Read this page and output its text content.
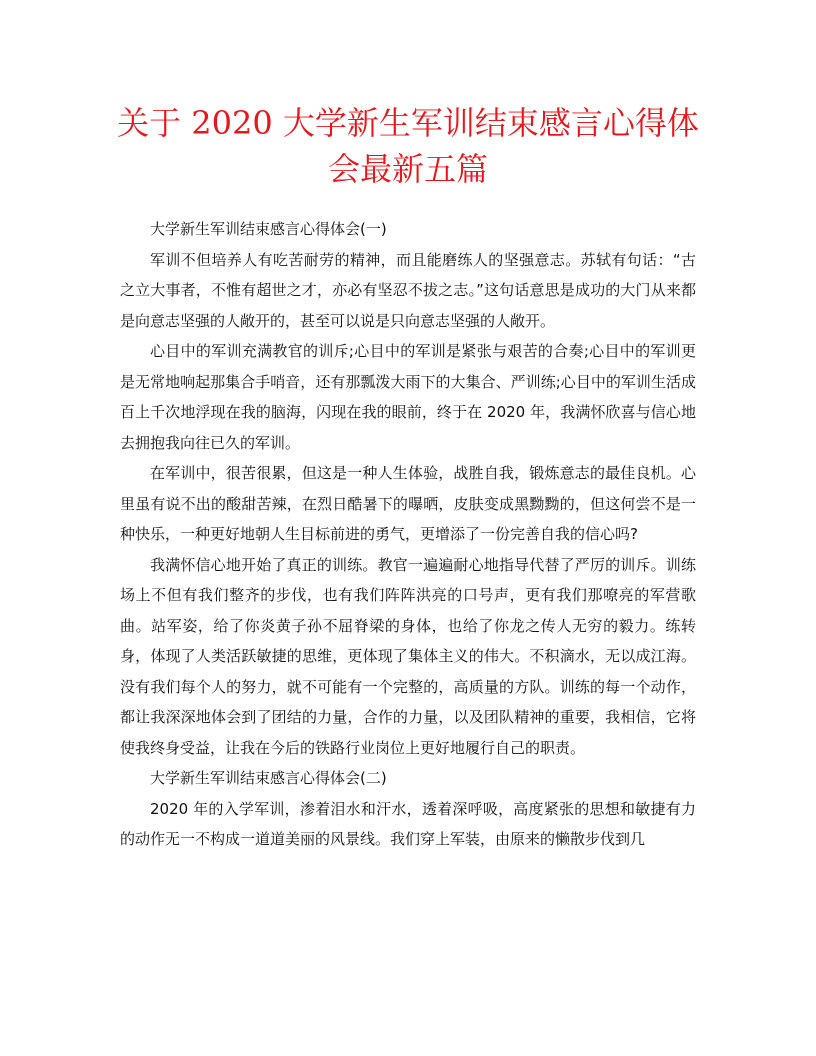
关于 2020 大学新生军训结束感言心得体
会最新五篇

大学新生军训结束感言心得体会(一)

军训不但培养人有吃苦耐劳的精神，而且能磨练人的坚强意志。苏轼有句话：“古之立大事者，不惟有超世之才，亦必有坚忍不拔之志。”这句话意思是成功的大门从来都是向意志坚强的人敞开的，甚至可以说是只向意志坚强的人敞开。

心目中的军训充满教官的训斥;心目中的军训是紧张与艰苦的合奏;心目中的军训更是无常地响起那集合手哨音，还有那瓢泼大雨下的大集合、严训练;心目中的军训生活成百上千次地浮现在我的脑海，闪现在我的眼前，终于在 2020 年，我满怀欣喜与信心地去拥抱我向往已久的军训。

在军训中，很苦很累，但这是一种人生体验，战胜自我，锻炼意志的最佳良机。心里虽有说不出的酸甜苦辣，在烈日酷暑下的曝晒，皮肤变成黑黝黝的，但这何尝不是一种快乐，一种更好地朝人生目标前进的勇气，更增添了一份完善自我的信心吗?

我满怀信心地开始了真正的训练。教官一遍遍耐心地指导代替了严厉的训斥。训练场上不但有我们整齐的步伐，也有我们阵阵洪亮的口号声，更有我们那嘹亮的军营歌曲。站军姿，给了你炎黄子孙不屈脊梁的身体，也给了你龙之传人无穷的毅力。练转身，体现了人类活跃敏捷的思维，更体现了集体主义的伟大。不积滴水，无以成江海。没有我们每个人的努力，就不可能有一个完整的，高质量的方队。训练的每一个动作，都让我深深地体会到了团结的力量，合作的力量，以及团队精神的重要，我相信，它将使我终身受益，让我在今后的铁路行业岗位上更好地履行自己的职责。

大学新生军训结束感言心得体会(二)

2020 年的入学军训，渗着泪水和汗水，透着深呼吸，高度紧张的思想和敏捷有力的动作无一不构成一道道美丽的风景线。我们穿上军装，由原来的懒散步伐到几
